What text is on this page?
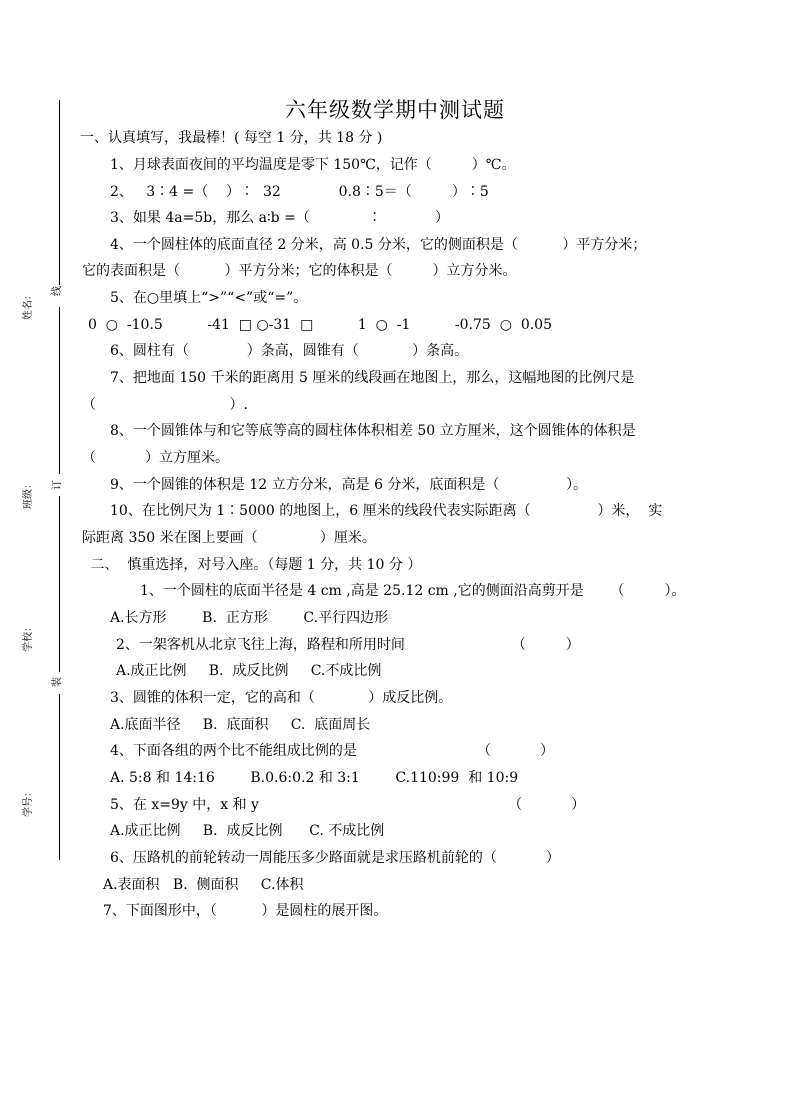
姓名： 线
班级： 订
学校：
装
学号：
六年级数学期中测试题
一、认真填写，我最棒！( 每空 1 分，共 18 分 )
1、月球表面夜间的平均温度是零下 150℃，记作（         ）℃。
2、   3∶4 =（    ）∶  32             0.8∶5＝（         ）∶5
3、如果 4a=5b，那么 a∶b =（             ∶            ）
4、一个圆柱体的底面直径 2 分米，高 0.5 分米，它的侧面积是（          ）平方分米；
它的表面积是（          ）平方分米；它的体积是（         ）立方分米。
5、在○里填上“>”“<”或“=”。
0  ○  -10.5          -41  □ ○-31  □          1  ○  -1          -0.75  ○  0.05
6、圆柱有（             ）条高，圆锥有（            ）条高。
7、把地面 150 千米的距离用 5 厘米的线段画在地图上，那么，这幅地图的比例尺是
（                              ）.
8、一个圆锥体与和它等底等高的圆柱体体积相差 50 立方厘米，这个圆锥体的体积是
（           ）立方厘米。
9、一个圆锥的体积是 12 立方分米，高是 6 分米，底面积是（               ）。
10、在比例尺为 1∶5000 的地图上，6 厘米的线段代表实际距离（               ）米，  实
际距离 350 米在图上要画（              ）厘米。
二、  慎重选择，对号入座。（每题 1 分，共 10 分 ）
1、一个圆柱的底面半径是 4 cm ,高是 25.12 cm ,它的侧面沿高剪开是      （         ）。
A.长方形        B.  正方形        C.平行四边形
2、一架客机从北京飞往上海，路程和所用时间                        （         ）
A.成正比例     B.  成反比例     C.不成比例
3、圆锥的体积一定，它的高和（            ）成反比例。
A.底面半径     B.  底面积     C.  底面周长
4、下面各组的两个比不能组成比例的是                           （           ）
A. 5:8 和 14:16        B.0.6:0.2 和 3:1        C.110:99  和 10:9
5、在 x=9y 中，x 和 y                                                        （           ）
A.成正比例     B.  成反比例      C. 不成比例
6、压路机的前轮转动一周能压多少路面就是求压路机前轮的（           ）
A.表面积   B.  侧面积     C.体积
7、下面图形中，（          ）是圆柱的展开图。
